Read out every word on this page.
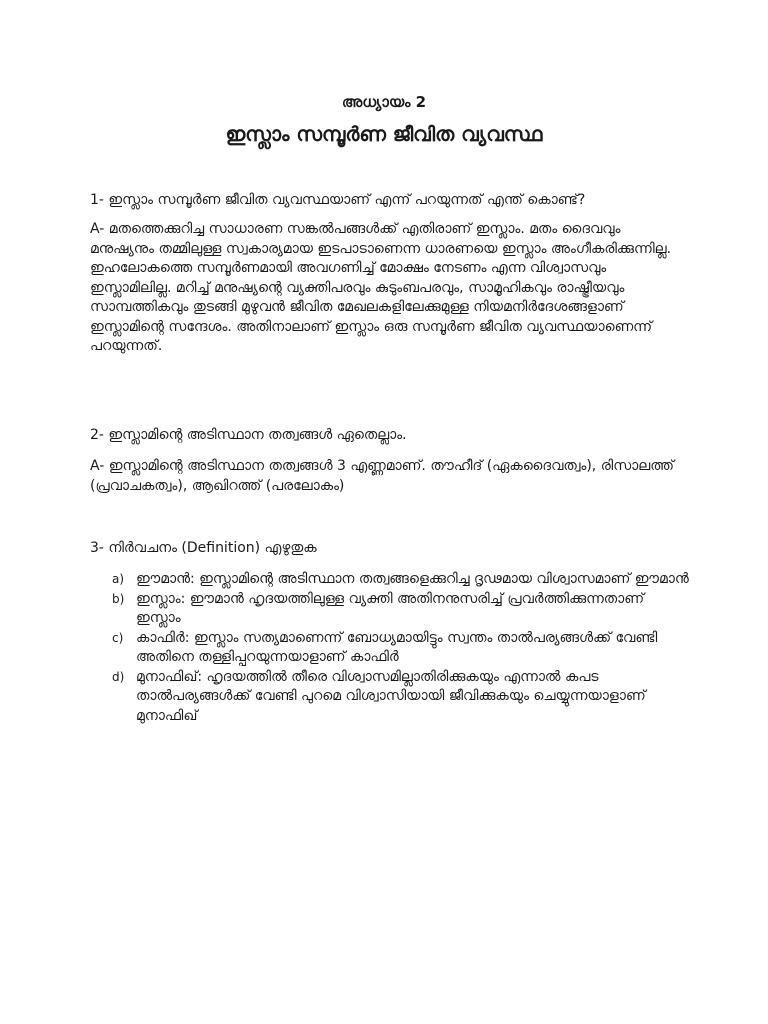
അധ്യായം 2
ഇസ്ലാം സമ്പൂർണ ജീവിത വ്യവസ്ഥ

1- ഇസ്ലാം സമ്പൂർണ ജീവിത വ്യവസ്ഥയാണ് എന്ന് പറയുന്നത് എന്ത് കൊണ്ട്?

A- മതത്തെക്കുറിച്ച സാധാരണ സങ്കൽപങ്ങൾക്ക് എതിരാണ് ഇസ്ലാം. മതം ദൈവവും മനുഷ്യനും തമ്മിലുള്ള സ്വകാര്യമായ ഇടപാടാണെന്ന ധാരണയെ ഇസ്ലാം അംഗീകരിക്കുന്നില്ല. ഇഹലോകത്തെ സമ്പൂർണമായി അവഗണിച്ച് മോക്ഷം നേടണം എന്ന വിശ്വാസവും ഇസ്ലാമിലില്ല. മറിച്ച് മനുഷ്യന്റെ വ്യക്തിപരവും കുടുംബപരവും, സാമൂഹികവും രാഷ്ട്രീയവും സാമ്പത്തികവും തുടങ്ങി മുഴുവൻ ജീവിത മേഖലകളിലേക്കുമുള്ള നിയമനിർദേശങ്ങളാണ് ഇസ്ലാമിന്റെ സന്ദേശം. അതിനാലാണ് ഇസ്ലാം ഒരു സമ്പൂർണ ജീവിത വ്യവസ്ഥയാണെന്ന് പറയുന്നത്.

2- ഇസ്ലാമിന്റെ അടിസ്ഥാന തത്വങ്ങൾ ഏതെല്ലാം.

A- ഇസ്ലാമിന്റെ അടിസ്ഥാന തത്വങ്ങൾ 3 എണ്ണമാണ്. തൗഹീദ് (ഏകദൈവത്വം), രിസാലത്ത് (പ്രവാചകത്വം), ആഖിറത്ത് (പരലോകം)

3- നിർവചനം (Definition) എഴുതുക

a) ഈമാൻ: ഇസ്ലാമിന്റെ അടിസ്ഥാന തത്വങ്ങളെക്കുറിച്ച ദൃഢമായ വിശ്വാസമാണ് ഈമാൻ
b) ഇസ്ലാം: ഈമാൻ ഹൃദയത്തിലുള്ള വ്യക്തി അതിനനുസരിച്ച് പ്രവർത്തിക്കുന്നതാണ് ഇസ്ലാം
c) കാഫിർ: ഇസ്ലാം സത്യമാണെന്ന് ബോധ്യമായിട്ടും സ്വന്തം താൽപര്യങ്ങൾക്ക് വേണ്ടി അതിനെ തള്ളിപ്പറയുന്നയാളാണ് കാഫിർ
d) മുനാഫിഖ്: ഹൃദയത്തിൽ തീരെ വിശ്വാസമില്ലാതിരിക്കുകയും എന്നാൽ കപട താൽപര്യങ്ങൾക്ക് വേണ്ടി പുറമെ വിശ്വാസിയായി ജീവിക്കുകയും ചെയ്യുന്നയാളാണ് മുനാഫിഖ്
